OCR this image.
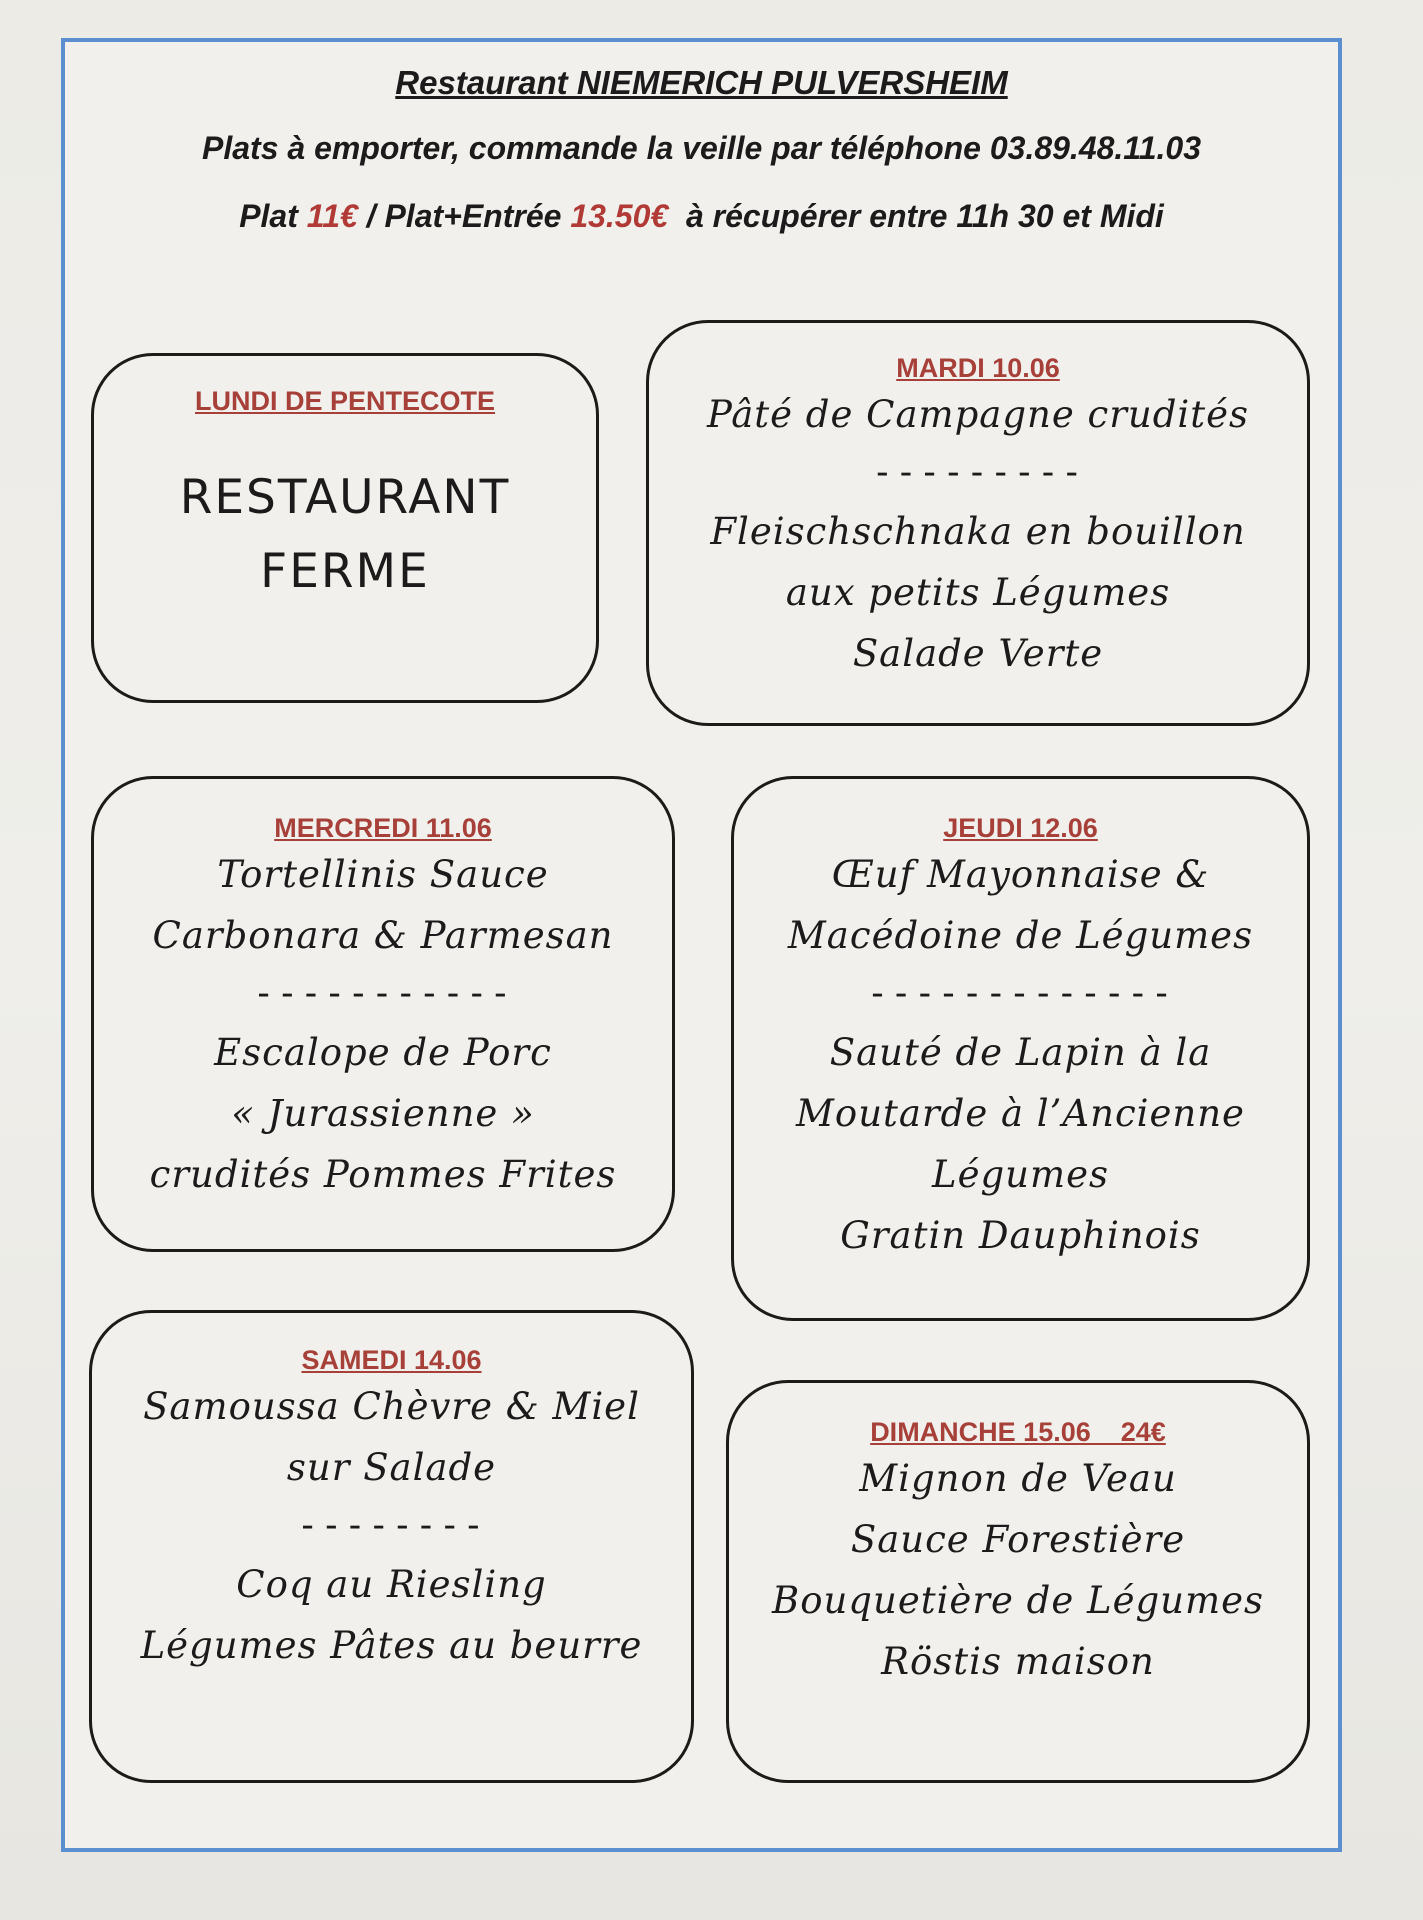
Restaurant NIEMERICH PULVERSHEIM
Plats à emporter, commande la veille par téléphone 03.89.48.11.03
Plat 11€ / Plat+Entrée 13.50€  à récupérer entre 11h 30 et Midi
LUNDI DE PENTECOTE
RESTAURANT
FERME
MARDI 10.06
Pâté de Campagne crudités
---------
Fleischschnaka en bouillon
aux petits Légumes
Salade Verte
MERCREDI 11.06
Tortellinis Sauce
Carbonara & Parmesan
-----------
Escalope de Porc
« Jurassienne »
crudités Pommes Frites
JEUDI 12.06
Œuf Mayonnaise &
Macédoine de Légumes
-------------
Sauté de Lapin à la
Moutarde à l’Ancienne
Légumes
Gratin Dauphinois
SAMEDI 14.06
Samoussa Chèvre & Miel
sur Salade
--------
Coq au Riesling
Légumes Pâtes au beurre
DIMANCHE 15.06    24€
Mignon de Veau
Sauce Forestière
Bouquetière de Légumes
Röstis maison
